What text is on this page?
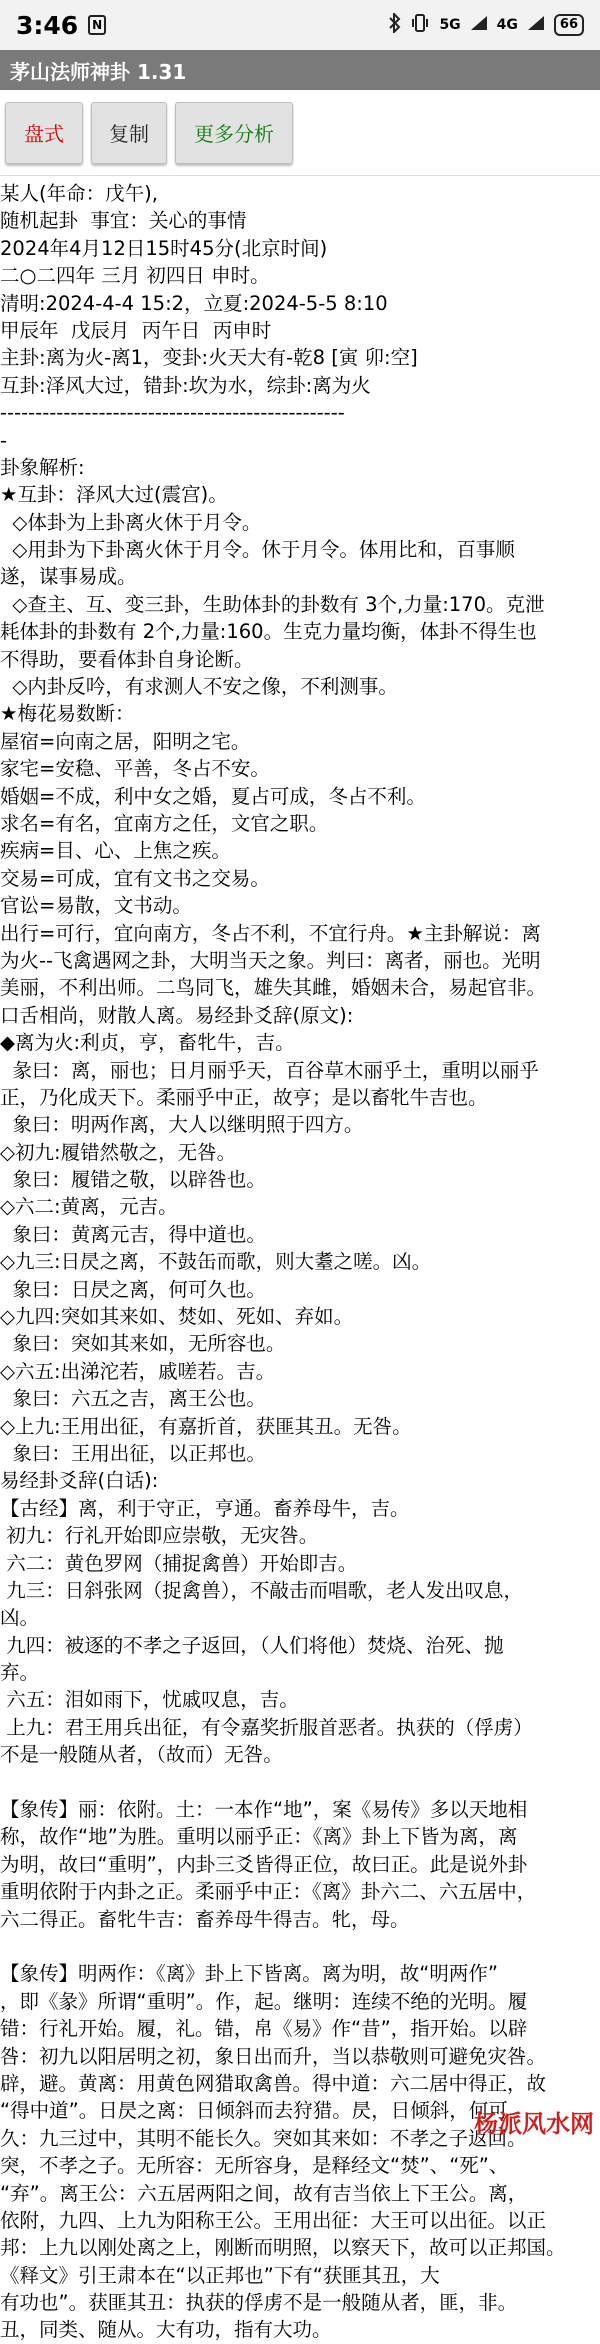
3:46	N	5G	4G	66
茅山法师神卦 1.31
盘式	复制	更多分析
某人(年命：戊午),
随机起卦  事宜：关心的事情
2024年4月12日15时45分(北京时间)
二○二四年 三月 初四日 申时。
清明:2024-4-4 15:2，立夏:2024-5-5 8:10
甲辰年  戊辰月  丙午日  丙申时
主卦:离为火-离1，变卦:火天大有-乾8 [寅 卯:空]
互卦:泽风大过，错卦:坎为水，综卦:离为火
-------------------------------------------------
-
卦象解析:
★互卦：泽风大过(震宫)。
◇体卦为上卦离火休于月令。
◇用卦为下卦离火休于月令。休于月令。体用比和，百事顺
遂，谋事易成。
◇查主、互、变三卦，生助体卦的卦数有 3个,力量:170。克泄
耗体卦的卦数有 2个,力量:160。生克力量均衡，体卦不得生也
不得助，要看体卦自身论断。
◇内卦反吟，有求测人不安之像，不利测事。
★梅花易数断：
屋宿=向南之居，阳明之宅。
家宅=安稳、平善，冬占不安。
婚姻=不成，利中女之婚，夏占可成，冬占不利。
求名=有名，宜南方之任，文官之职。
疾病=目、心、上焦之疾。
交易=可成，宜有文书之交易。
官讼=易散，文书动。
出行=可行，宜向南方，冬占不利，不宜行舟。★主卦解说：离
为火--飞禽遇网之卦，大明当天之象。判曰：离者，丽也。光明
美丽，不利出师。二鸟同飞，雄失其雌，婚姻未合，易起官非。
口舌相尚，财散人离。易经卦爻辞(原文):
◆离为火:利贞，亨，畜牝牛，吉。
彖曰：离，丽也；日月丽乎天，百谷草木丽乎土，重明以丽乎
正，乃化成天下。柔丽乎中正，故亨；是以畜牝牛吉也。
象曰：明两作离，大人以继明照于四方。
◇初九:履错然敬之，无咎。
象曰：履错之敬，以辟咎也。
◇六二:黄离，元吉。
象曰：黄离元吉，得中道也。
◇九三:日昃之离，不鼓缶而歌，则大耋之嗟。凶。
象曰：日昃之离，何可久也。
◇九四:突如其来如、焚如、死如、弃如。
象曰：突如其来如，无所容也。
◇六五:出涕沱若，戚嗟若。吉。
象曰：六五之吉，离王公也。
◇上九:王用出征，有嘉折首，获匪其丑。无咎。
象曰：王用出征，以正邦也。
易经卦爻辞(白话):
【古经】离，利于守正，亨通。畜养母牛，吉。
初九：行礼开始即应崇敬，无灾咎。
六二：黄色罗网（捕捉禽兽）开始即吉。
九三：日斜张网（捉禽兽），不敲击而唱歌，老人发出叹息，
凶。
九四：被逐的不孝之子返回，（人们将他）焚烧、治死、抛
弃。
六五：泪如雨下，忧戚叹息，吉。
上九：君王用兵出征，有令嘉奖折服首恶者。执获的（俘虏）
不是一般随从者，（故而）无咎。
【象传】丽：依附。土：一本作“地”，案《易传》多以天地相
称，故作“地”为胜。重明以丽乎正：《离》卦上下皆为离，离
为明，故曰“重明”，内卦三爻皆得正位，故曰正。此是说外卦
重明依附于内卦之正。柔丽乎中正：《离》卦六二、六五居中，
六二得正。畜牝牛吉：畜养母牛得吉。牝，母。
【象传】明两作：《离》卦上下皆离。离为明，故“明两作”
，即《彖》所谓“重明”。作，起。继明：连续不绝的光明。履
错：行礼开始。履，礼。错，帛《易》作“昔”，指开始。以辟
咎：初九以阳居明之初，象日出而升，当以恭敬则可避免灾咎。
辟，避。黄离：用黄色网猎取禽兽。得中道：六二居中得正，故
“得中道”。日昃之离：日倾斜而去狩猎。昃，日倾斜，何可
久：九三过中，其明不能长久。突如其来如：不孝之子返回。
突，不孝之子。无所容：无所容身，是释经文“焚”、“死”、
“弃”。离王公：六五居两阳之间，故有吉当依上下王公。离，
依附，九四、上九为阳称王公。王用出征：大王可以出征。以正
邦：上九以刚处离之上，刚断而明照，以察天下，故可以正邦国。
《释文》引王肃本在“以正邦也”下有“获匪其丑，大
有功也”。获匪其丑：执获的俘虏不是一般随从者，匪，非。
丑，同类、随从。大有功，指有大功。
杨派风水网
